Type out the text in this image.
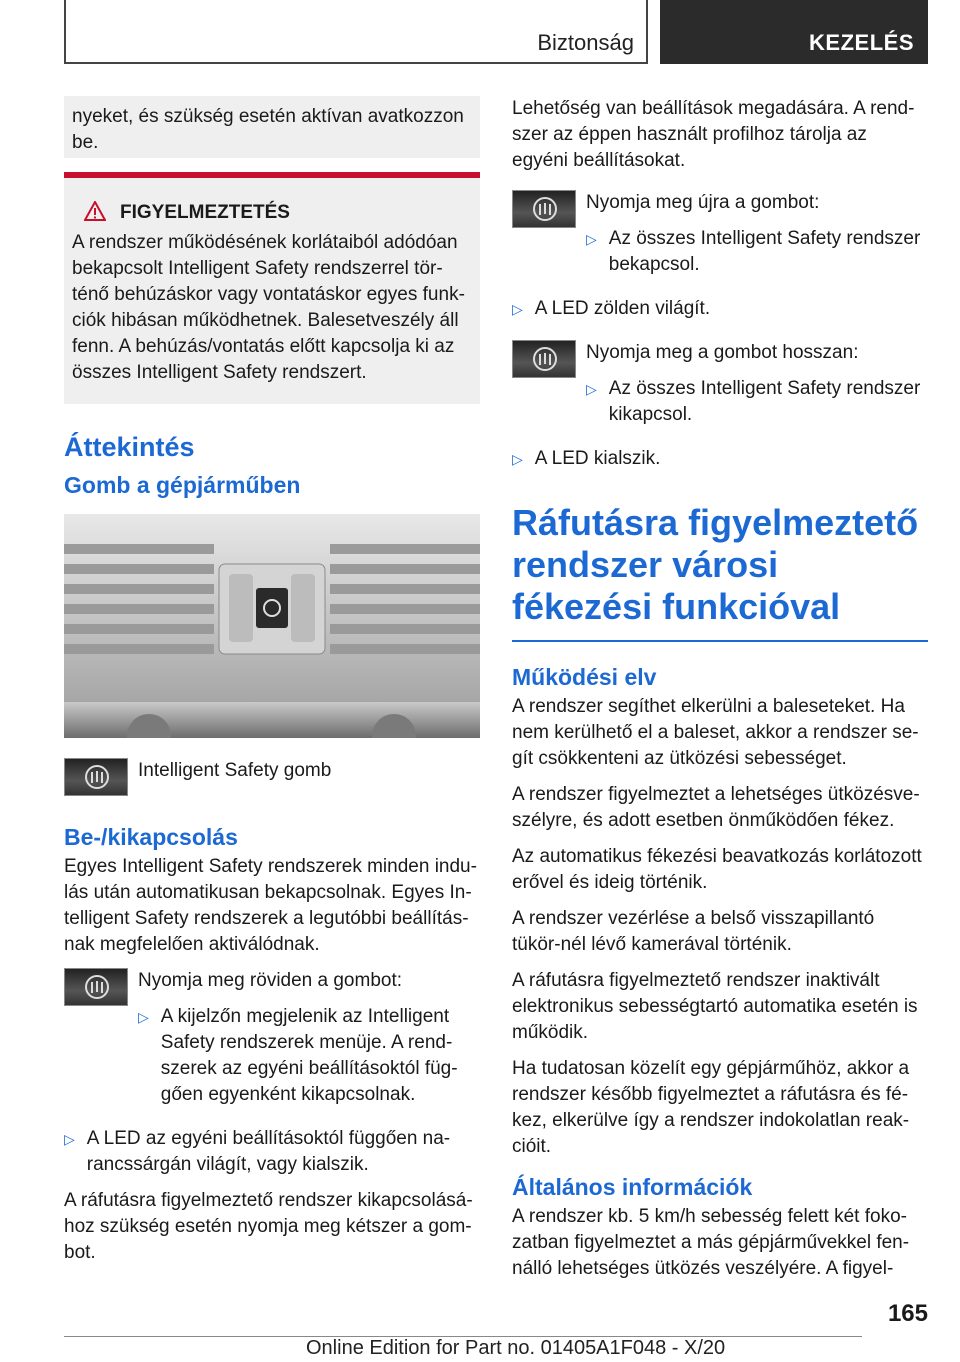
Biztonság	KEZELÉS
nyeket, és szükség esetén aktívan avatkozzon be.
FIGYELMEZTETÉS
A rendszer működésének korlátaiból adódóan bekapcsolt Intelligent Safety rendszerrel tör-ténő behúzáskor vagy vontatáskor egyes funk-ciók hibásan működhetnek. Balesetveszély áll fenn. A behúzás/vontatás előtt kapcsolja ki az összes Intelligent Safety rendszert.
Áttekintés
Gomb a gépjárműben
Intelligent Safety gomb
Be-/kikapcsolás

Egyes Intelligent Safety rendszerek minden indu-lás után automatikusan bekapcsolnak. Egyes In-telligent Safety rendszerek a legutóbbi beállítás-nak megfelelően aktiválódnak.

Nyomja meg röviden a gombot:

▷ A kijelzőn megjelenik az Intelligent Safety rendszerek menüje. A rend-szerek az egyéni beállításoktól füg-gően egyenként kikapcsolnak.
▷ A LED az egyéni beállításoktól függően na-rancssárgán világít, vagy kialszik.

A ráfutásra figyelmeztető rendszer kikapcsolásá-hoz szükség esetén nyomja meg kétszer a gom-bot.

Lehetőség van beállítások megadására. A rend-szer az éppen használt profilhoz tárolja az egyéni beállításokat.

Nyomja meg újra a gombot:

▷ Az összes Intelligent Safety rendszer bekapcsol.
▷ A LED zölden világít.

Nyomja meg a gombot hosszan:

▷ Az összes Intelligent Safety rendszer kikapcsol.
▷ A LED kialszik.
Ráfutásra figyelmeztető rendszer városi fékezési funkcióval
Működési elv

A rendszer segíthet elkerülni a baleseteket. Ha nem kerülhető el a baleset, akkor a rendszer se-gít csökkenteni az ütközési sebességet.

A rendszer figyelmeztet a lehetséges ütközésve-szélyre, és adott esetben önműködően fékez.

Az automatikus fékezési beavatkozás korlátozott erővel és ideig történik.

A rendszer vezérlése a belső visszapillantó tükör-nél lévő kamerával történik.

A ráfutásra figyelmeztető rendszer inaktivált elektronikus sebességtartó automatika esetén is működik.

Ha tudatosan közelít egy gépjárműhöz, akkor a rendszer később figyelmeztet a ráfutásra és fé-kez, elkerülve így a rendszer indokolatlan reak-cióit.

Általános információk

A rendszer kb. 5 km/h sebesség felett két foko-zatban figyelmeztet a más gépjárművekkel fen-nálló lehetséges ütközés veszélyére. A figyel-

165
Online Edition for Part no. 01405A1F048 - X/20
